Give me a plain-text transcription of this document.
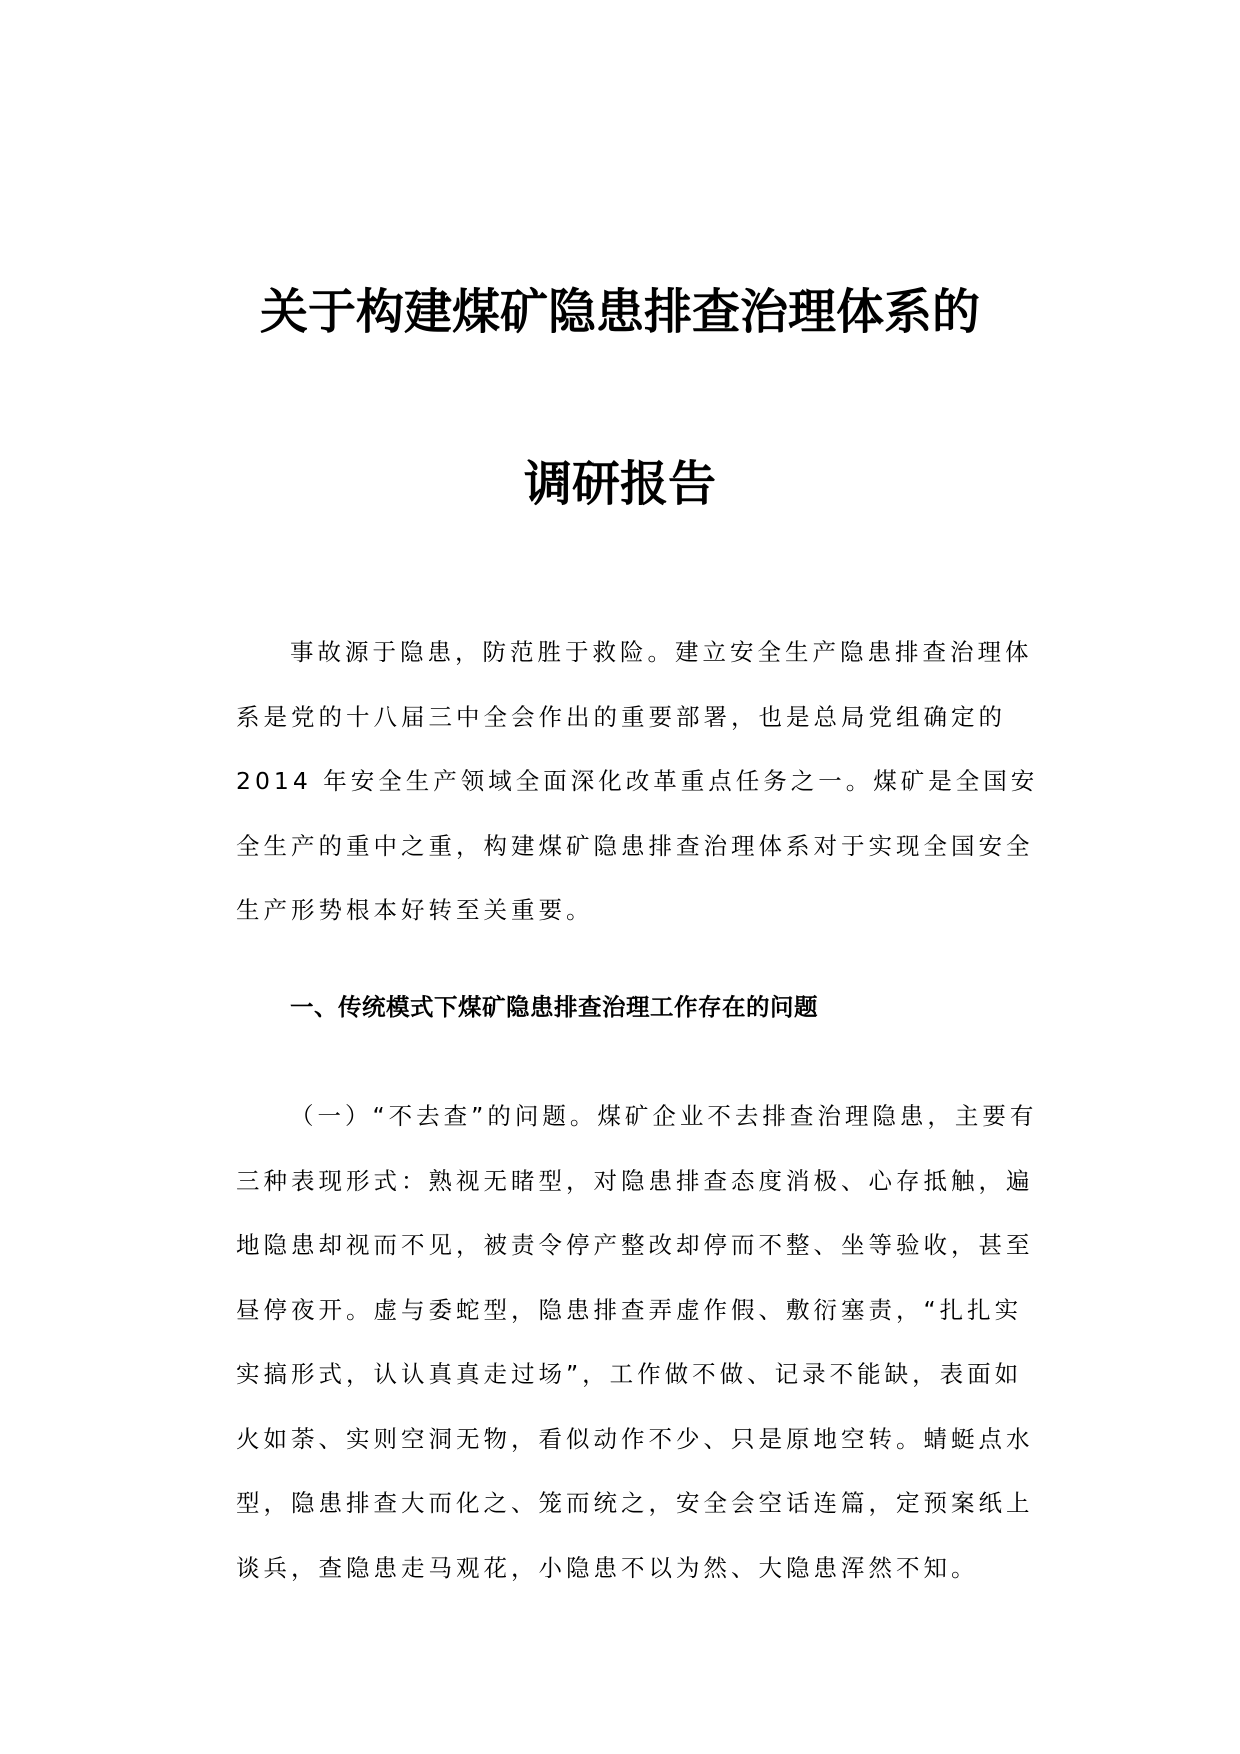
关于构建煤矿隐患排查治理体系的
调研报告
事故源于隐患，防范胜于救险。建立安全生产隐患排查治理体
系是党的十八届三中全会作出的重要部署，也是总局党组确定的
2014 年安全生产领域全面深化改革重点任务之一。煤矿是全国安
全生产的重中之重，构建煤矿隐患排查治理体系对于实现全国安全
生产形势根本好转至关重要。
一、传统模式下煤矿隐患排查治理工作存在的问题
（一）“不去查”的问题。煤矿企业不去排查治理隐患，主要有
三种表现形式：熟视无睹型，对隐患排查态度消极、心存抵触，遍
地隐患却视而不见，被责令停产整改却停而不整、坐等验收，甚至
昼停夜开。虚与委蛇型，隐患排查弄虚作假、敷衍塞责，“扎扎实
实搞形式，认认真真走过场”，工作做不做、记录不能缺，表面如
火如荼、实则空洞无物，看似动作不少、只是原地空转。蜻蜓点水
型，隐患排查大而化之、笼而统之，安全会空话连篇，定预案纸上
谈兵，查隐患走马观花，小隐患不以为然、大隐患浑然不知。
